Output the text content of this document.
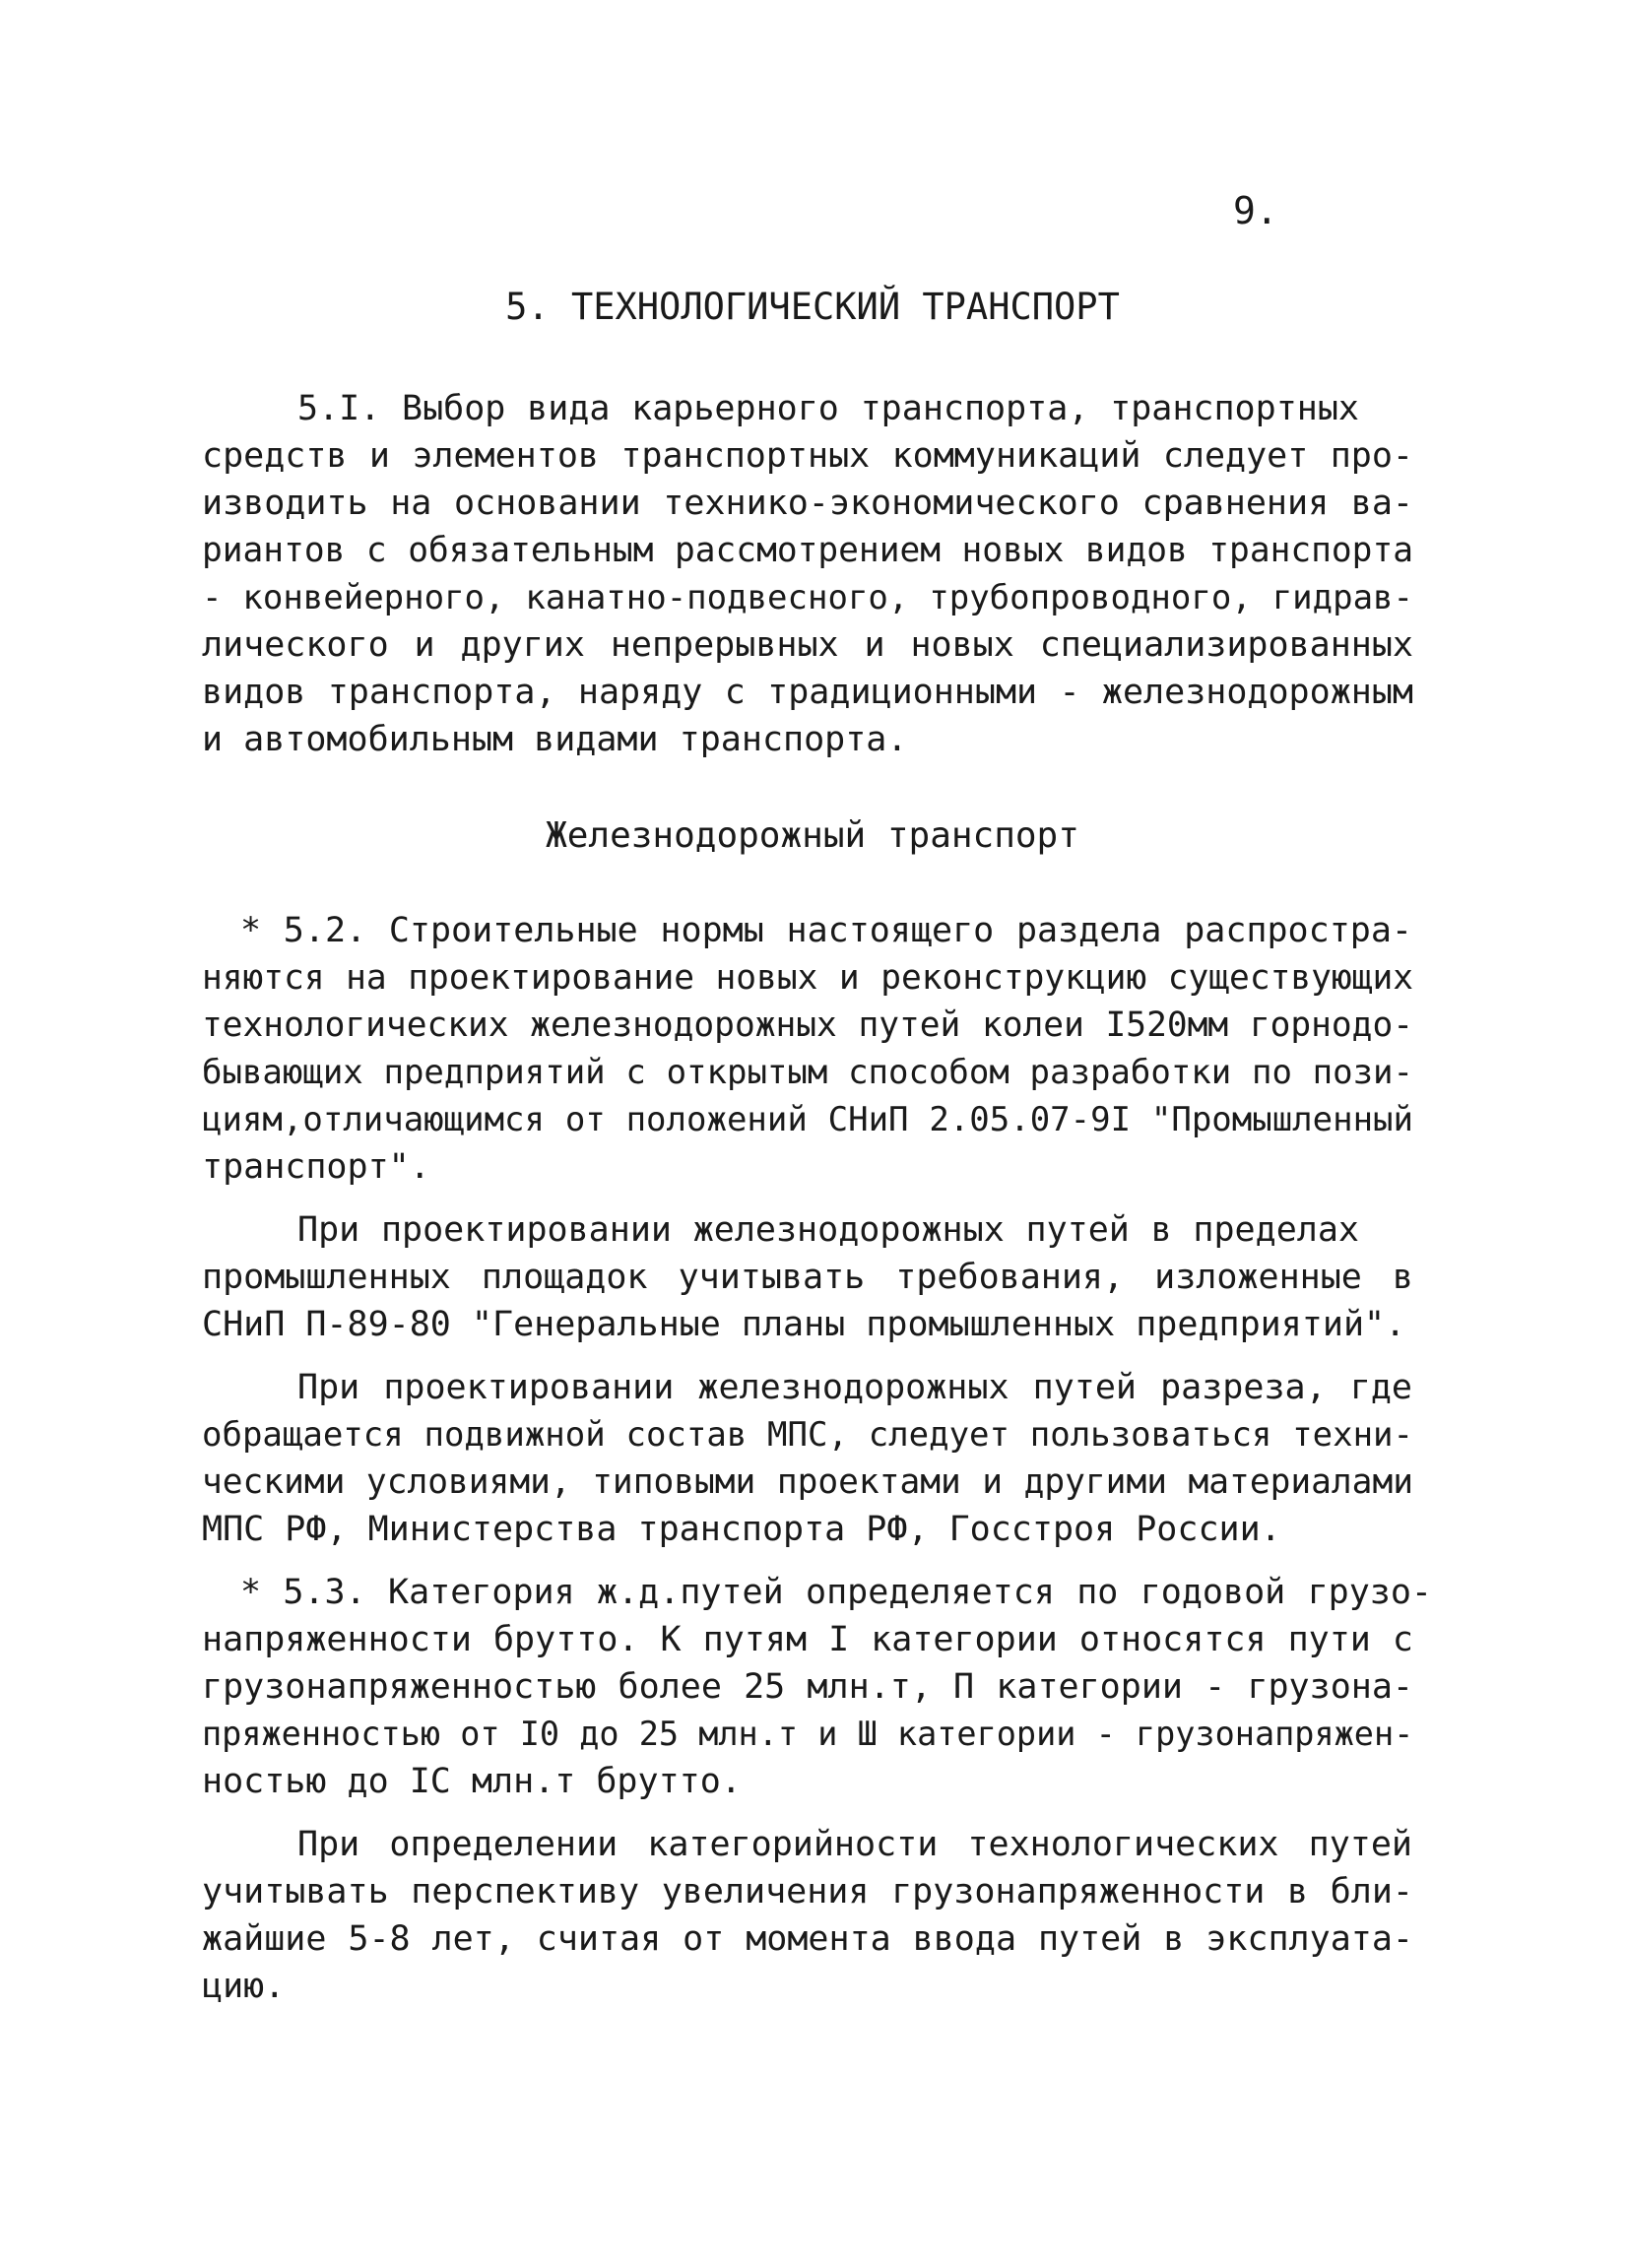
9.
5. ТЕХНОЛОГИЧЕСКИЙ ТРАНСПОРТ
5.I. Выбор вида карьерного транспорта, транспортных
средств и элементов транспортных коммуникаций следует про-
изводить на основании технико-экономического сравнения ва-
риантов с обязательным рассмотрением новых видов транспорта
- конвейерного, канатно-подвесного, трубопроводного, гидрав-
лического и других непрерывных и новых специализированных
видов транспорта, наряду с традиционными - железнодорожным
и автомобильным видами транспорта.
Железнодорожный транспорт
* 5.2. Строительные нормы настоящего раздела распростра-
няются на проектирование новых и реконструкцию существующих
технологических железнодорожных путей колеи I520мм горнодо-
бывающих предприятий с открытым способом разработки по пози-
циям,отличающимся от положений СНиП 2.05.07-9I "Промышленный
транспорт".
При проектировании железнодорожных путей в пределах
промышленных площадок учитывать требования, изложенные в
СНиП П-89-80 "Генеральные планы промышленных предприятий".
При проектировании железнодорожных путей разреза, где
обращается подвижной состав МПС, следует пользоваться техни-
ческими условиями, типовыми проектами и другими материалами
МПС РФ, Министерства транспорта РФ, Госстроя России.
* 5.3. Категория ж.д.путей определяется по годовой грузо-
напряженности брутто. К путям I категории относятся пути с
грузонапряженностью более 25 млн.т, П категории - грузона-
пряженностью от I0 до 25 млн.т и Ш категории - грузонапряжен-
ностью до IС млн.т брутто.
При определении категорийности технологических путей
учитывать перспективу увеличения грузонапряженности в бли-
жайшие 5-8 лет, считая от момента ввода путей в эксплуата-
цию.
